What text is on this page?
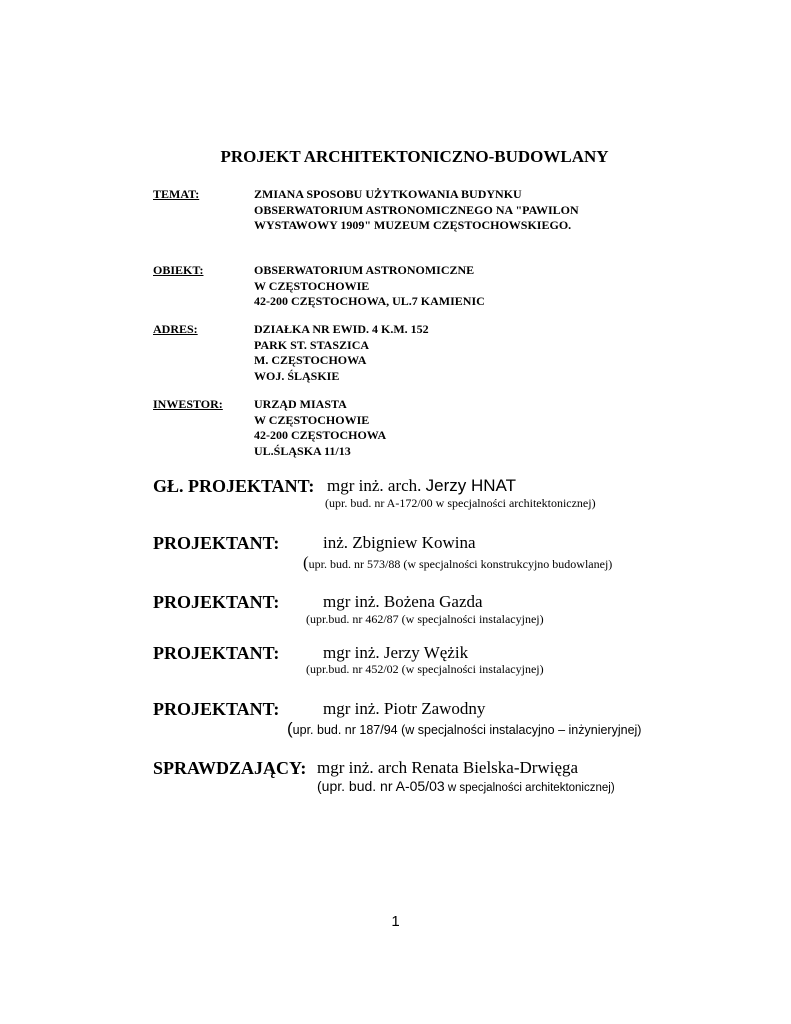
PROJEKT ARCHITEKTONICZNO-BUDOWLANY
TEMAT:	ZMIANA SPOSOBU UŻYTKOWANIA BUDYNKU
OBSERWATORIUM ASTRONOMICZNEGO NA "PAWILON
WYSTAWOWY 1909" MUZEUM CZĘSTOCHOWSKIEGO.
OBIEKT:	OBSERWATORIUM ASTRONOMICZNE
W CZĘSTOCHOWIE
42-200 CZĘSTOCHOWA, UL.7 KAMIENIC
ADRES:	DZIAŁKA NR EWID. 4 K.M. 152
PARK ST. STASZICA
M. CZĘSTOCHOWA
WOJ. ŚLĄSKIE
INWESTOR:	URZĄD MIASTA
W CZĘSTOCHOWIE
42-200 CZĘSTOCHOWA
UL.ŚLĄSKA 11/13
GŁ. PROJEKTANT: mgr inż. arch. Jerzy HNAT
(upr. bud. nr A-172/00 w specjalności architektonicznej)
PROJEKTANT:	inż. Zbigniew Kowina
(upr. bud. nr 573/88 (w specjalności konstrukcyjno budowlanej)
PROJEKTANT:	mgr inż. Bożena Gazda
(upr.bud. nr 462/87 (w specjalności instalacyjnej)
PROJEKTANT:	mgr inż. Jerzy Wężik
(upr.bud. nr 452/02 (w specjalności instalacyjnej)
PROJEKTANT:	mgr inż. Piotr Zawodny
(upr. bud. nr 187/94 (w specjalności instalacyjno – inżynieryjnej)
SPRAWDZAJĄCY: mgr inż. arch Renata Bielska-Drwięga
(upr. bud. nr A-05/03 w specjalności architektonicznej)
1
